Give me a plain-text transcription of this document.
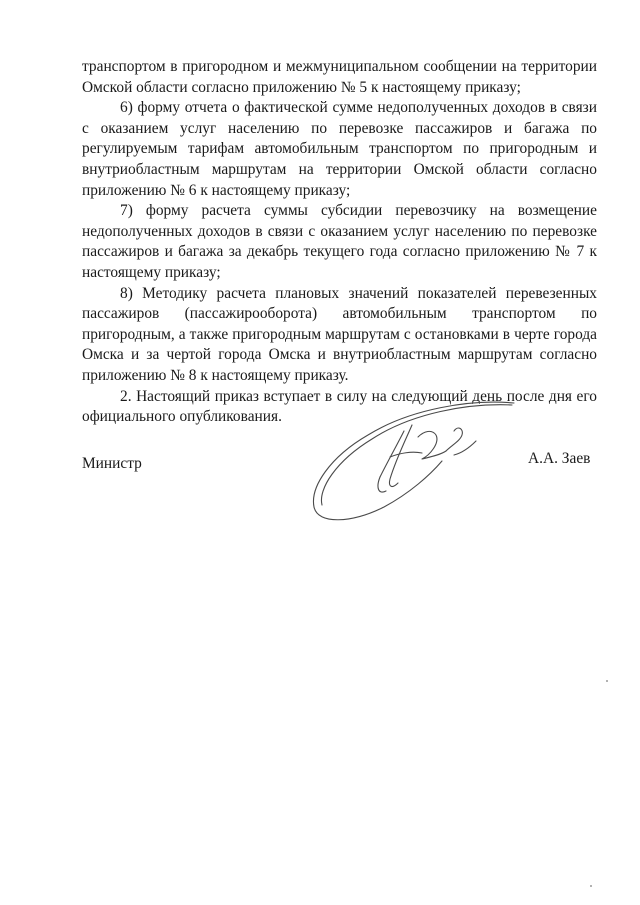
транспортом в пригородном и межмуниципальном сообщении на территории Омской области согласно приложению № 5 к настоящему приказу;

6) форму отчета о фактической сумме недополученных доходов в связи с оказанием услуг населению по перевозке пассажиров и багажа по регулируемым тарифам автомобильным транспортом по пригородным и внутриобластным маршрутам на территории Омской области согласно приложению № 6 к настоящему приказу;

7) форму расчета суммы субсидии перевозчику на возмещение недополученных доходов в связи с оказанием услуг населению по перевозке пассажиров и багажа за декабрь текущего года согласно приложению № 7 к настоящему приказу;

8) Методику расчета плановых значений показателей перевезенных пассажиров (пассажирооборота) автомобильным транспортом по пригородным, а также пригородным маршрутам с остановками в черте города Омска и за чертой города Омска и внутриобластным маршрутам согласно приложению № 8 к настоящему приказу.

2. Настоящий приказ вступает в силу на следующий день после дня его официального опубликования.

Министр	А.А. Заев
